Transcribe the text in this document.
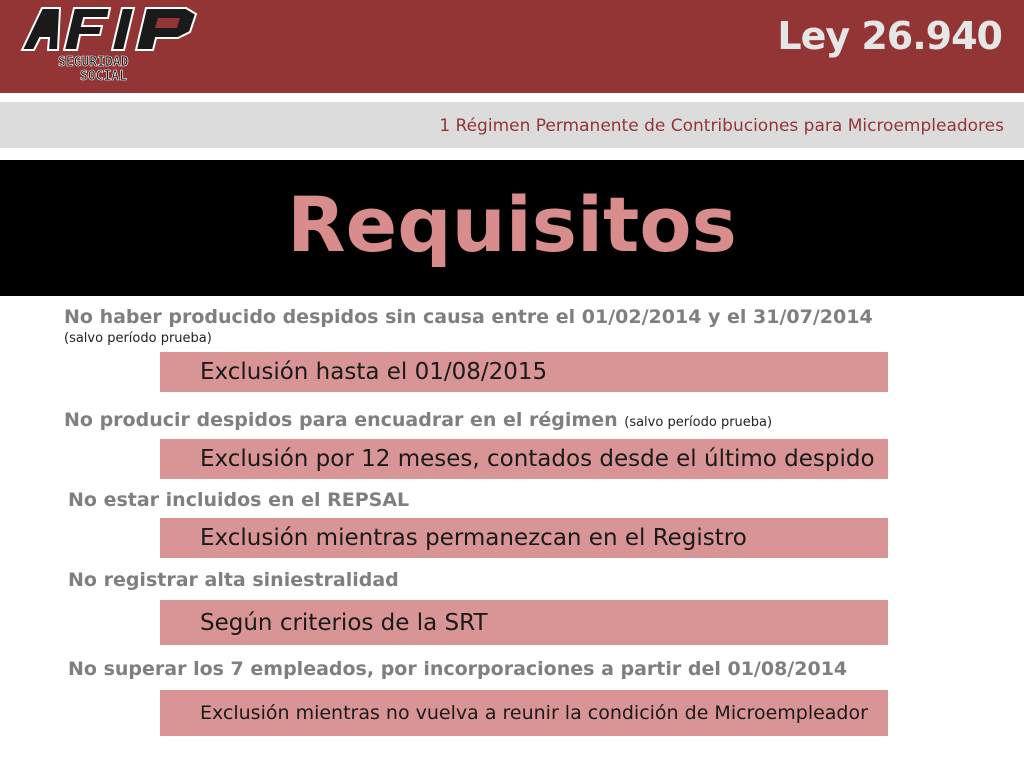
SEGURIDAD
SOCIAL
Ley 26.940
1 Régimen Permanente de Contribuciones para Microempleadores
Requisitos
No haber producido despidos sin causa entre el 01/02/2014 y el 31/07/2014
(salvo período prueba)
Exclusión hasta el 01/08/2015
No producir despidos para encuadrar en el régimen (salvo período prueba)
Exclusión por 12 meses, contados desde el último despido
No estar incluidos en el REPSAL
Exclusión mientras permanezcan en el Registro
No registrar alta siniestralidad
Según criterios de la SRT
No superar los 7 empleados, por incorporaciones a partir del 01/08/2014
Exclusión mientras no vuelva a reunir la condición de Microempleador
